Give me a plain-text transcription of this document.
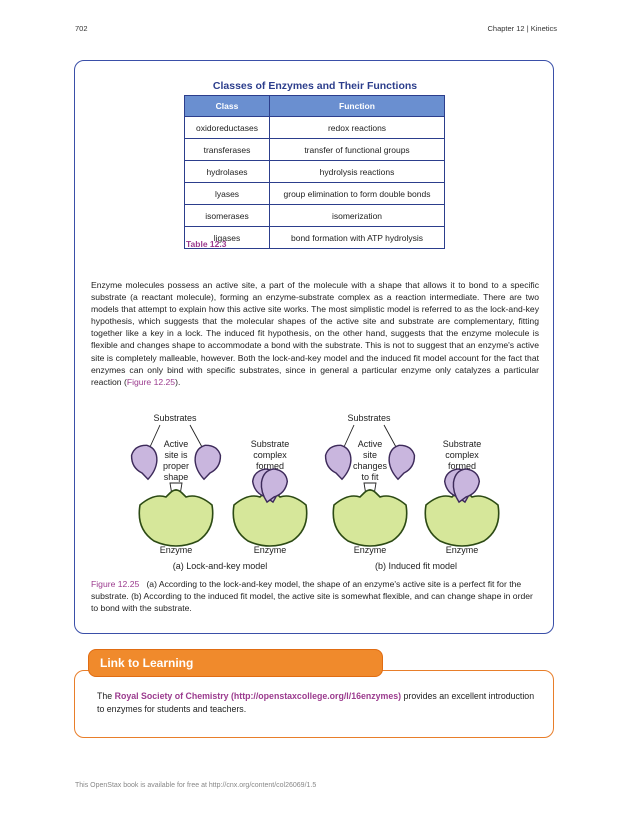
702	Chapter 12 | Kinetics
Classes of Enzymes and Their Functions
Class	Function
oxidoreductases	redox reactions
transferases	transfer of functional groups
hydrolases	hydrolysis reactions
lyases	group elimination to form double bonds
isomerases	isomerization
ligases	bond formation with ATP hydrolysis
Table 12.3
Enzyme molecules possess an active site, a part of the molecule with a shape that allows it to bond to a specific substrate (a reactant molecule), forming an enzyme-substrate complex as a reaction intermediate. There are two models that attempt to explain how this active site works. The most simplistic model is referred to as the lock-and-key hypothesis, which suggests that the molecular shapes of the active site and substrate are complementary, fitting together like a key in a lock. The induced fit hypothesis, on the other hand, suggests that the enzyme molecule is flexible and changes shape to accommodate a bond with the substrate. This is not to suggest that an enzyme's active site is completely malleable, however. Both the lock-and-key model and the induced fit model account for the fact that enzymes can only bind with specific substrates, since in general a particular enzyme only catalyzes a particular reaction (Figure 12.25).
Substrates
Active
site is
proper
shape
Enzyme
Substrate
complex
formed
Enzyme
(a) Lock-and-key model
Substrates
Active
site
changes
to fit
Enzyme
Substrate
complex
formed
Enzyme
(b) Induced fit model
Figure 12.25 (a) According to the lock-and-key model, the shape of an enzyme's active site is a perfect fit for the substrate. (b) According to the induced fit model, the active site is somewhat flexible, and can change shape in order to bond with the substrate.
Link to Learning
The Royal Society of Chemistry (http://openstaxcollege.org/l/16enzymes) provides an excellent introduction to enzymes for students and teachers.
This OpenStax book is available for free at http://cnx.org/content/col26069/1.5
